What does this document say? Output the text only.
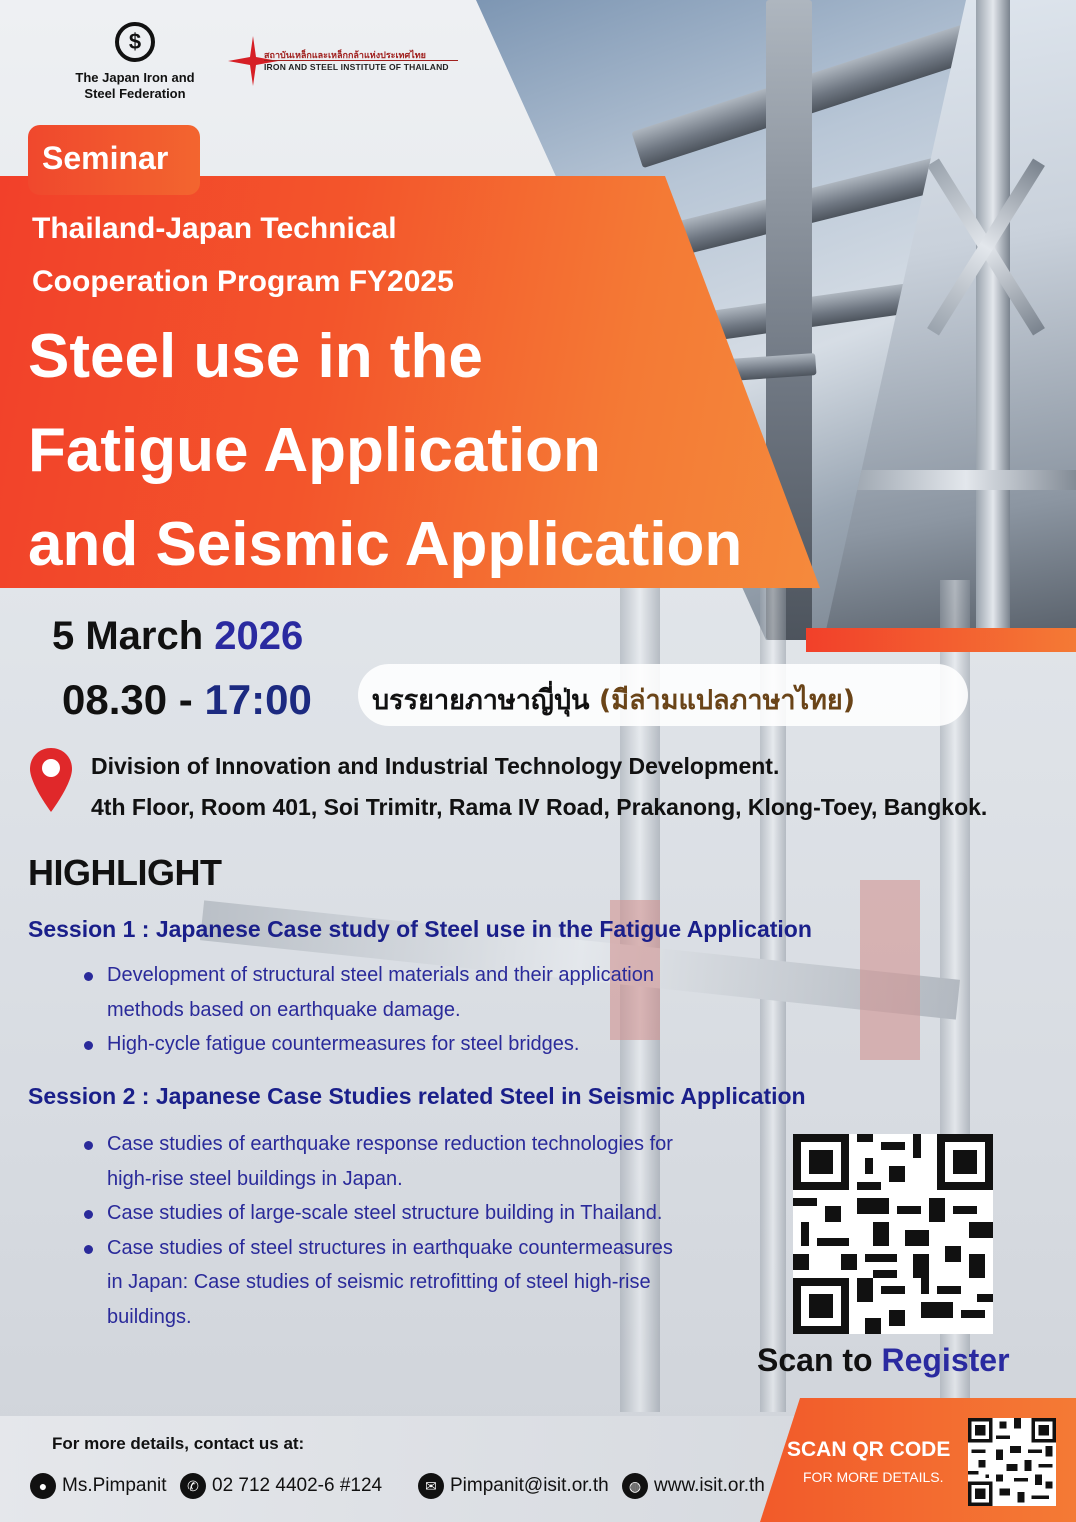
$
The Japan Iron and
Steel Federation
สถาบันเหล็กและเหล็กกล้าแห่งประเทศไทย
IRON AND STEEL INSTITUTE OF THAILAND
Seminar
Thailand-Japan Technical
Cooperation Program FY2025
Steel use in the
Fatigue Application
and Seismic Application
5 March 2026
08.30 - 17:00	บรรยายภาษาญี่ปุ่น (มีล่ามแปลภาษาไทย)
Division of Innovation and Industrial Technology Development.
4th Floor, Room 401, Soi Trimitr, Rama IV Road, Prakanong, Klong-Toey, Bangkok.
HIGHLIGHT
Session 1 : Japanese Case study of Steel use in the Fatigue Application
Development of structural steel materials and their application methods based on earthquake damage.
High-cycle fatigue countermeasures for steel bridges.
Session 2 : Japanese Case Studies related Steel in Seismic Application
Case studies of earthquake response reduction technologies for high-rise steel buildings in Japan.
Case studies of large-scale steel structure building in Thailand.
Case studies of steel structures in earthquake countermeasures in Japan: Case studies of seismic retrofitting of steel high-rise buildings.
Scan to Register
For more details, contact us at:
● Ms.Pimpanit	✆ 02 712 4402-6 #124	✉ Pimpanit@isit.or.th	◍ www.isit.or.th
SCAN QR CODE
FOR MORE DETAILS.
